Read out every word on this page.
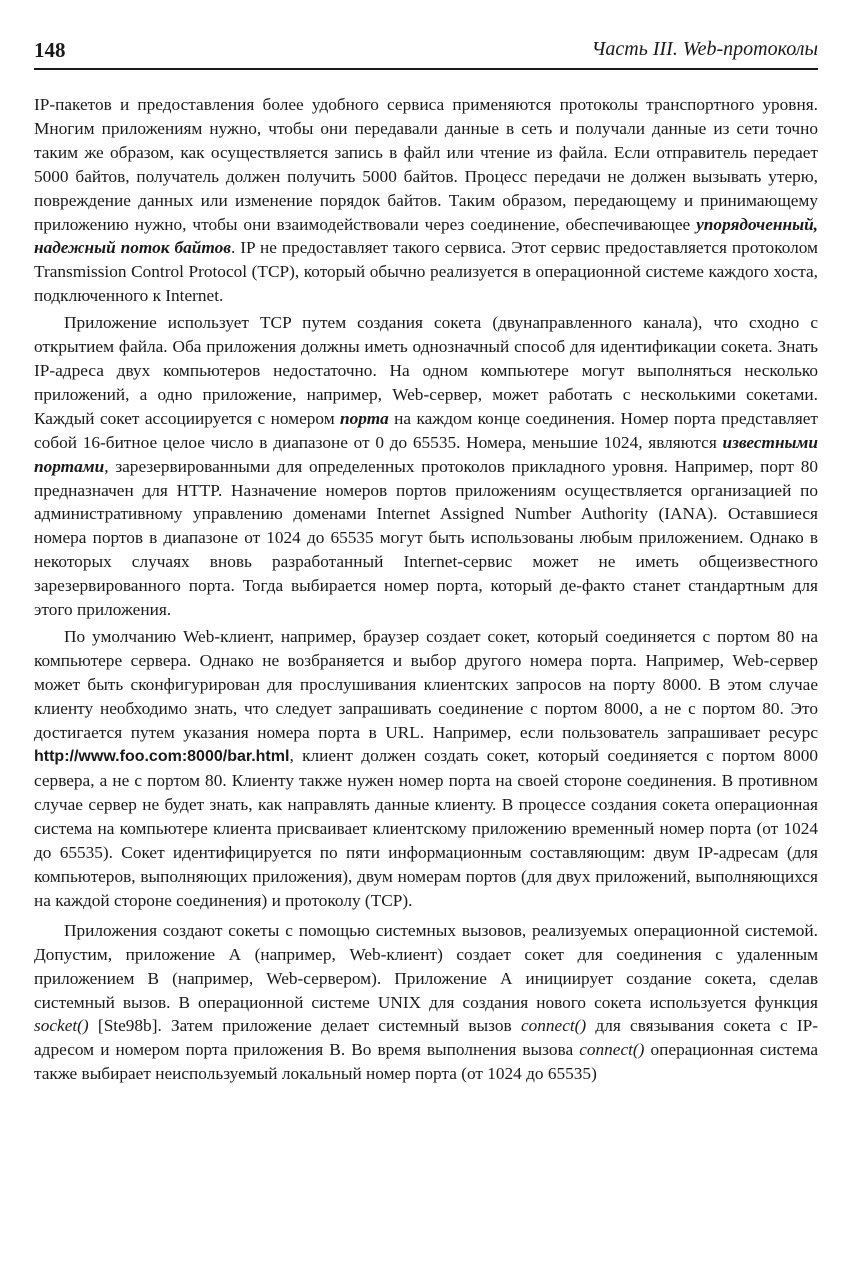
148	Часть III. Web-протоколы

IP-пакетов и предоставления более удобного сервиса применяются протоколы транспортного уровня. Многим приложениям нужно, чтобы они передавали данные в сеть и получали данные из сети точно таким же образом, как осуществляется запись в файл или чтение из файла. Если отправитель передает 5000 байтов, получатель должен получить 5000 байтов. Процесс передачи не должен вызывать утерю, повреждение данных или изменение порядок байтов. Таким образом, передающему и принимающему приложению нужно, чтобы они взаимодействовали через соединение, обеспечивающее упорядоченный, надежный поток байтов. IP не предоставляет такого сервиса. Этот сервис предоставляется протоколом Transmission Control Protocol (TCP), который обычно реализуется в операционной системе каждого хоста, подключенного к Internet.

Приложение использует TCP путем создания сокета (двунаправленного канала), что сходно с открытием файла. Оба приложения должны иметь однозначный способ для идентификации сокета. Знать IP-адреса двух компьютеров недостаточно. На одном компьютере могут выполняться несколько приложений, а одно приложение, например, Web-сервер, может работать с несколькими сокетами. Каждый сокет ассоциируется с номером порта на каждом конце соединения. Номер порта представляет собой 16-битное целое число в диапазоне от 0 до 65535. Номера, меньшие 1024, являются известными портами, зарезервированными для определенных протоколов прикладного уровня. Например, порт 80 предназначен для HTTP. Назначение номеров портов приложениям осуществляется организацией по административному управлению доменами Internet Assigned Number Authority (IANA). Оставшиеся номера портов в диапазоне от 1024 до 65535 могут быть использованы любым приложением. Однако в некоторых случаях вновь разработанный Internet-сервис может не иметь общеизвестного зарезервированного порта. Тогда выбирается номер порта, который де-факто станет стандартным для этого приложения.

По умолчанию Web-клиент, например, браузер создает сокет, который соединяется с портом 80 на компьютере сервера. Однако не возбраняется и выбор другого номера порта. Например, Web-сервер может быть сконфигурирован для прослушивания клиентских запросов на порту 8000. В этом случае клиенту необходимо знать, что следует запрашивать соединение с портом 8000, а не с портом 80. Это достигается путем указания номера порта в URL. Например, если пользователь запрашивает ресурс http://www.foo.com:8000/bar.html, клиент должен создать сокет, который соединяется с портом 8000 сервера, а не с портом 80. Клиенту также нужен номер порта на своей стороне соединения. В противном случае сервер не будет знать, как направлять данные клиенту. В процессе создания сокета операционная система на компьютере клиента присваивает клиентскому приложению временный номер порта (от 1024 до 65535). Сокет идентифицируется по пяти информационным составляющим: двум IP-адресам (для компьютеров, выполняющих приложения), двум номерам портов (для двух приложений, выполняющихся на каждой стороне соединения) и протоколу (TCP).

Приложения создают сокеты с помощью системных вызовов, реализуемых операционной системой. Допустим, приложение А (например, Web-клиент) создает сокет для соединения с удаленным приложением В (например, Web-сервером). Приложение А инициирует создание сокета, сделав системный вызов. В операционной системе UNIX для создания нового сокета используется функция socket() [Ste98b]. Затем приложение делает системный вызов connect() для связывания сокета с IP-адресом и номером порта приложения В. Во время выполнения вызова connect() операционная система также выбирает неиспользуемый локальный номер порта (от 1024 до 65535)
